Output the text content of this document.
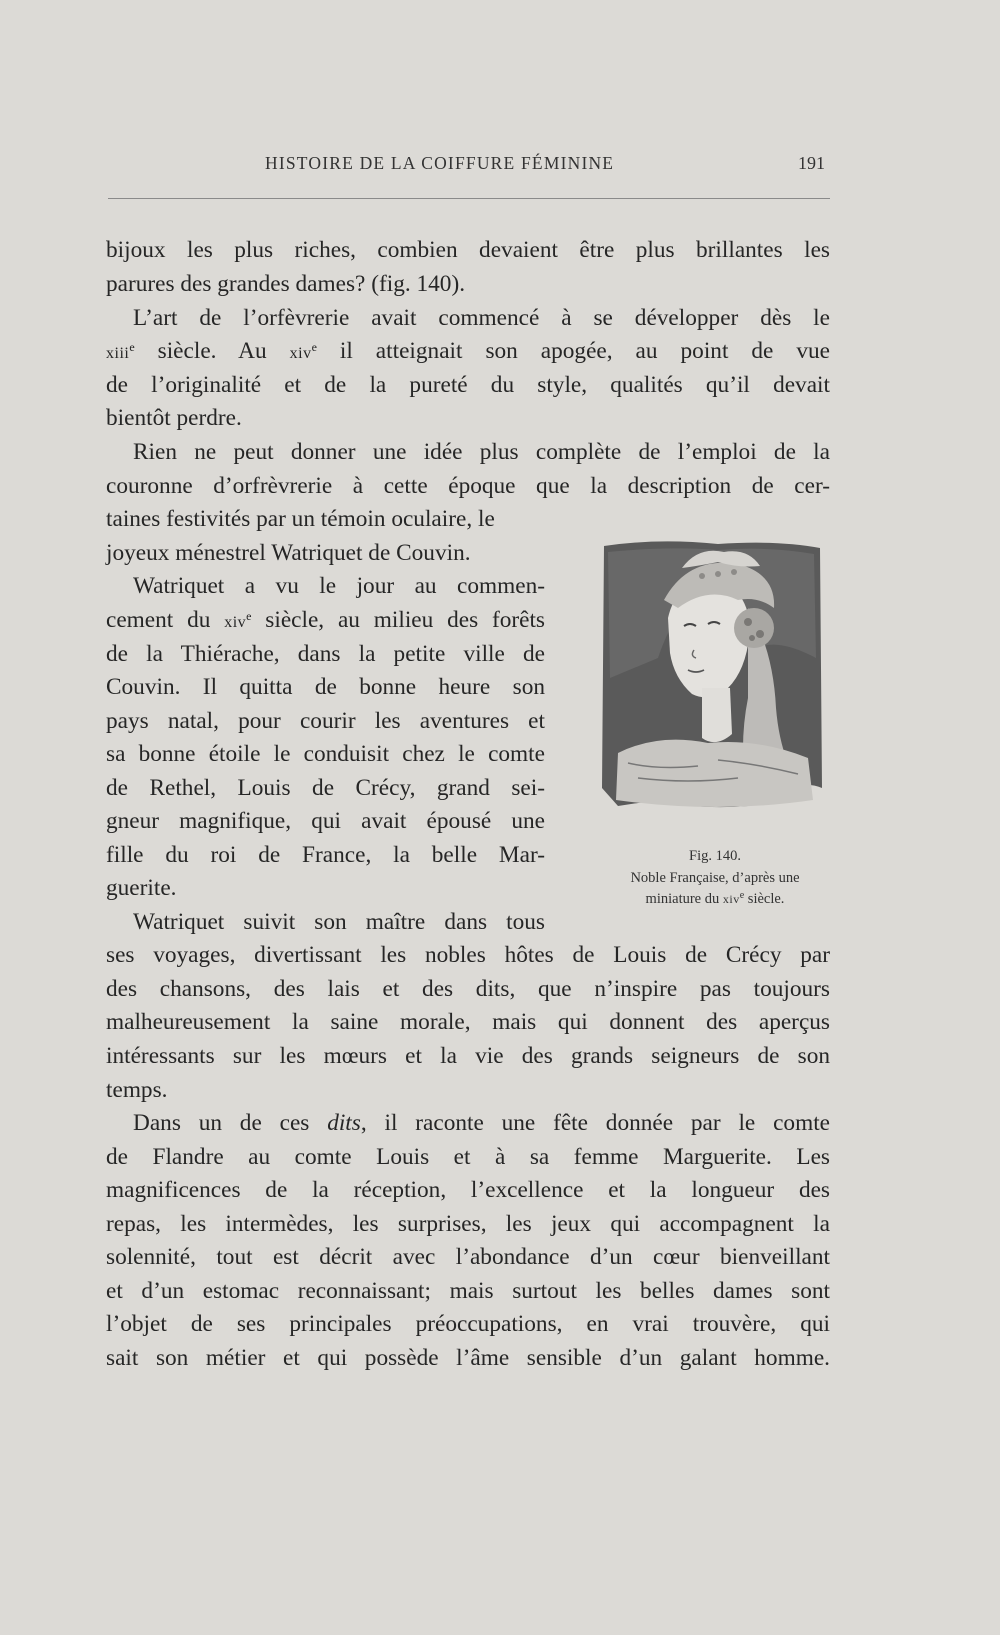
HISTOIRE DE LA COIFFURE FÉMININE	191
bijoux les plus riches, combien devaient être plus brillantes les
parures des grandes dames? (fig. 140).
L’art de l’orfèvrerie avait commencé à se développer dès le
xiii$^e$ siècle. Au xiv$^e$ il atteignait son apogée, au point de vue
de l’originalité et de la pureté du style, qualités qu’il devait
bientôt perdre.
Rien ne peut donner une idée plus complète de l’emploi de la
couronne d’orfrèvrerie à cette époque que la description de cer-
taines festivités par un témoin oculaire, le
joyeux ménestrel Watriquet de Couvin.
Watriquet a vu le jour au commen-
cement du xiv$^e$ siècle, au milieu des forêts
de la Thiérache, dans la petite ville de
Couvin. Il quitta de bonne heure son
pays natal, pour courir les aventures et
sa bonne étoile le conduisit chez le comte
de Rethel, Louis de Crécy, grand sei-
gneur magnifique, qui avait épousé une
fille du roi de France, la belle Mar-
guerite.
Watriquet suivit son maître dans tous
ses voyages, divertissant les nobles hôtes de Louis de Crécy par
des chansons, des lais et des dits, que n’inspire pas toujours
malheureusement la saine morale, mais qui donnent des aperçus
intéressants sur les mœurs et la vie des grands seigneurs de son
temps.
Dans un de ces dits, il raconte une fête donnée par le comte
de Flandre au comte Louis et à sa femme Marguerite. Les
magnificences de la réception, l’excellence et la longueur des
repas, les intermèdes, les surprises, les jeux qui accompagnent la
solennité, tout est décrit avec l’abondance d’un cœur bienveillant
et d’un estomac reconnaissant; mais surtout les belles dames sont
l’objet de ses principales préoccupations, en vrai trouvère, qui
sait son métier et qui possède l’âme sensible d’un galant homme.
Fig. 140.
Noble Française, d’après une
miniature du xiv$^e$ siècle.
